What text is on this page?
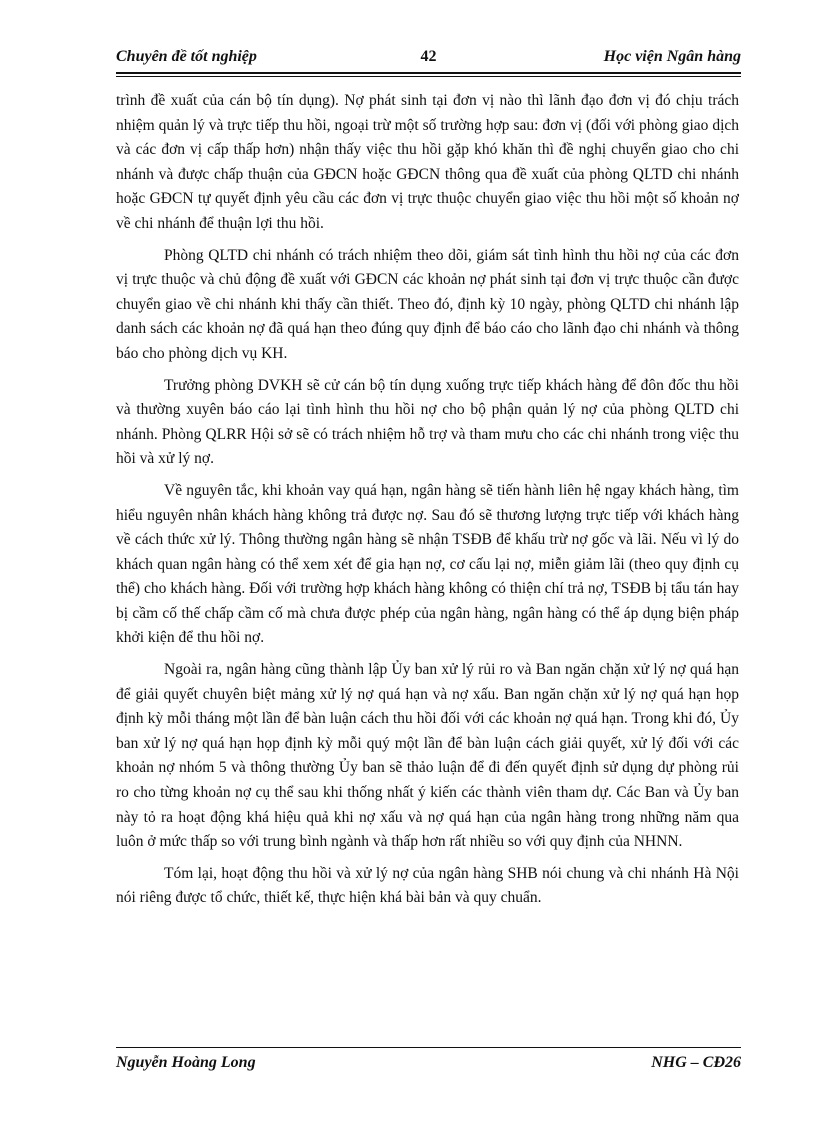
Chuyên đề tốt nghiệp	42	Học viện Ngân hàng

trình đề xuất của cán bộ tín dụng). Nợ phát sinh tại đơn vị nào thì lãnh đạo đơn vị đó chịu trách nhiệm quản lý và trực tiếp thu hồi, ngoại trừ một số trường hợp sau: đơn vị (đối với phòng giao dịch và các đơn vị cấp thấp hơn) nhận thấy việc thu hồi gặp khó khăn thì đề nghị chuyển giao cho chi nhánh và được chấp thuận của GĐCN hoặc GĐCN thông qua đề xuất của phòng QLTD chi nhánh hoặc GĐCN tự quyết định yêu cầu các đơn vị trực thuộc chuyển giao việc thu hồi một số khoản nợ về chi nhánh để thuận lợi thu hồi.

Phòng QLTD chi nhánh có trách nhiệm theo dõi, giám sát tình hình thu hồi nợ của các đơn vị trực thuộc và chủ động đề xuất với GĐCN các khoản nợ phát sinh tại đơn vị trực thuộc cần được chuyển giao về chi nhánh khi thấy cần thiết. Theo đó, định kỳ 10 ngày, phòng QLTD chi nhánh lập danh sách các khoản nợ đã quá hạn theo đúng quy định để báo cáo cho lãnh đạo chi nhánh và thông báo cho phòng dịch vụ KH.

Trưởng phòng DVKH sẽ cử cán bộ tín dụng xuống trực tiếp khách hàng để đôn đốc thu hồi và thường xuyên báo cáo lại tình hình thu hồi nợ cho bộ phận quản lý nợ của phòng QLTD chi nhánh. Phòng QLRR Hội sở sẽ có trách nhiệm hỗ trợ và tham mưu cho các chi nhánh trong việc thu hồi và xử lý nợ.

Về nguyên tắc, khi khoản vay quá hạn, ngân hàng sẽ tiến hành liên hệ ngay khách hàng, tìm hiểu nguyên nhân khách hàng không trả được nợ. Sau đó sẽ thương lượng trực tiếp với khách hàng về cách thức xử lý. Thông thường ngân hàng sẽ nhận TSĐB để khấu trừ nợ gốc và lãi. Nếu vì lý do khách quan ngân hàng có thể xem xét để gia hạn nợ, cơ cấu lại nợ, miễn giảm lãi (theo quy định cụ thể) cho khách hàng. Đối với trường hợp khách hàng không có thiện chí trả nợ, TSĐB bị tẩu tán hay bị cầm cố thế chấp cầm cố mà chưa được phép của ngân hàng, ngân hàng có thể áp dụng biện pháp khởi kiện để thu hồi nợ.

Ngoài ra, ngân hàng cũng thành lập Ủy ban xử lý rủi ro và Ban ngăn chặn xử lý nợ quá hạn để giải quyết chuyên biệt mảng xử lý nợ quá hạn và nợ xấu. Ban ngăn chặn xử lý nợ quá hạn họp định kỳ mỗi tháng một lần để bàn luận cách thu hồi đối với các khoản nợ quá hạn. Trong khi đó, Ủy ban xử lý nợ quá hạn họp định kỳ mỗi quý một lần để bàn luận cách giải quyết, xử lý đối với các khoản nợ nhóm 5 và thông thường Ủy ban sẽ thảo luận để đi đến quyết định sử dụng dự phòng rủi ro cho từng khoản nợ cụ thể sau khi thống nhất ý kiến các thành viên tham dự. Các Ban và Ủy ban này tỏ ra hoạt động khá hiệu quả khi nợ xấu và nợ quá hạn của ngân hàng trong những năm qua luôn ở mức thấp so với trung bình ngành và thấp hơn rất nhiều so với quy định của NHNN.

Tóm lại, hoạt động thu hồi và xử lý nợ của ngân hàng SHB nói chung và chi nhánh Hà Nội nói riêng được tổ chức, thiết kế, thực hiện khá bài bản và quy chuẩn.

Nguyễn Hoàng Long	NHG – CĐ26
